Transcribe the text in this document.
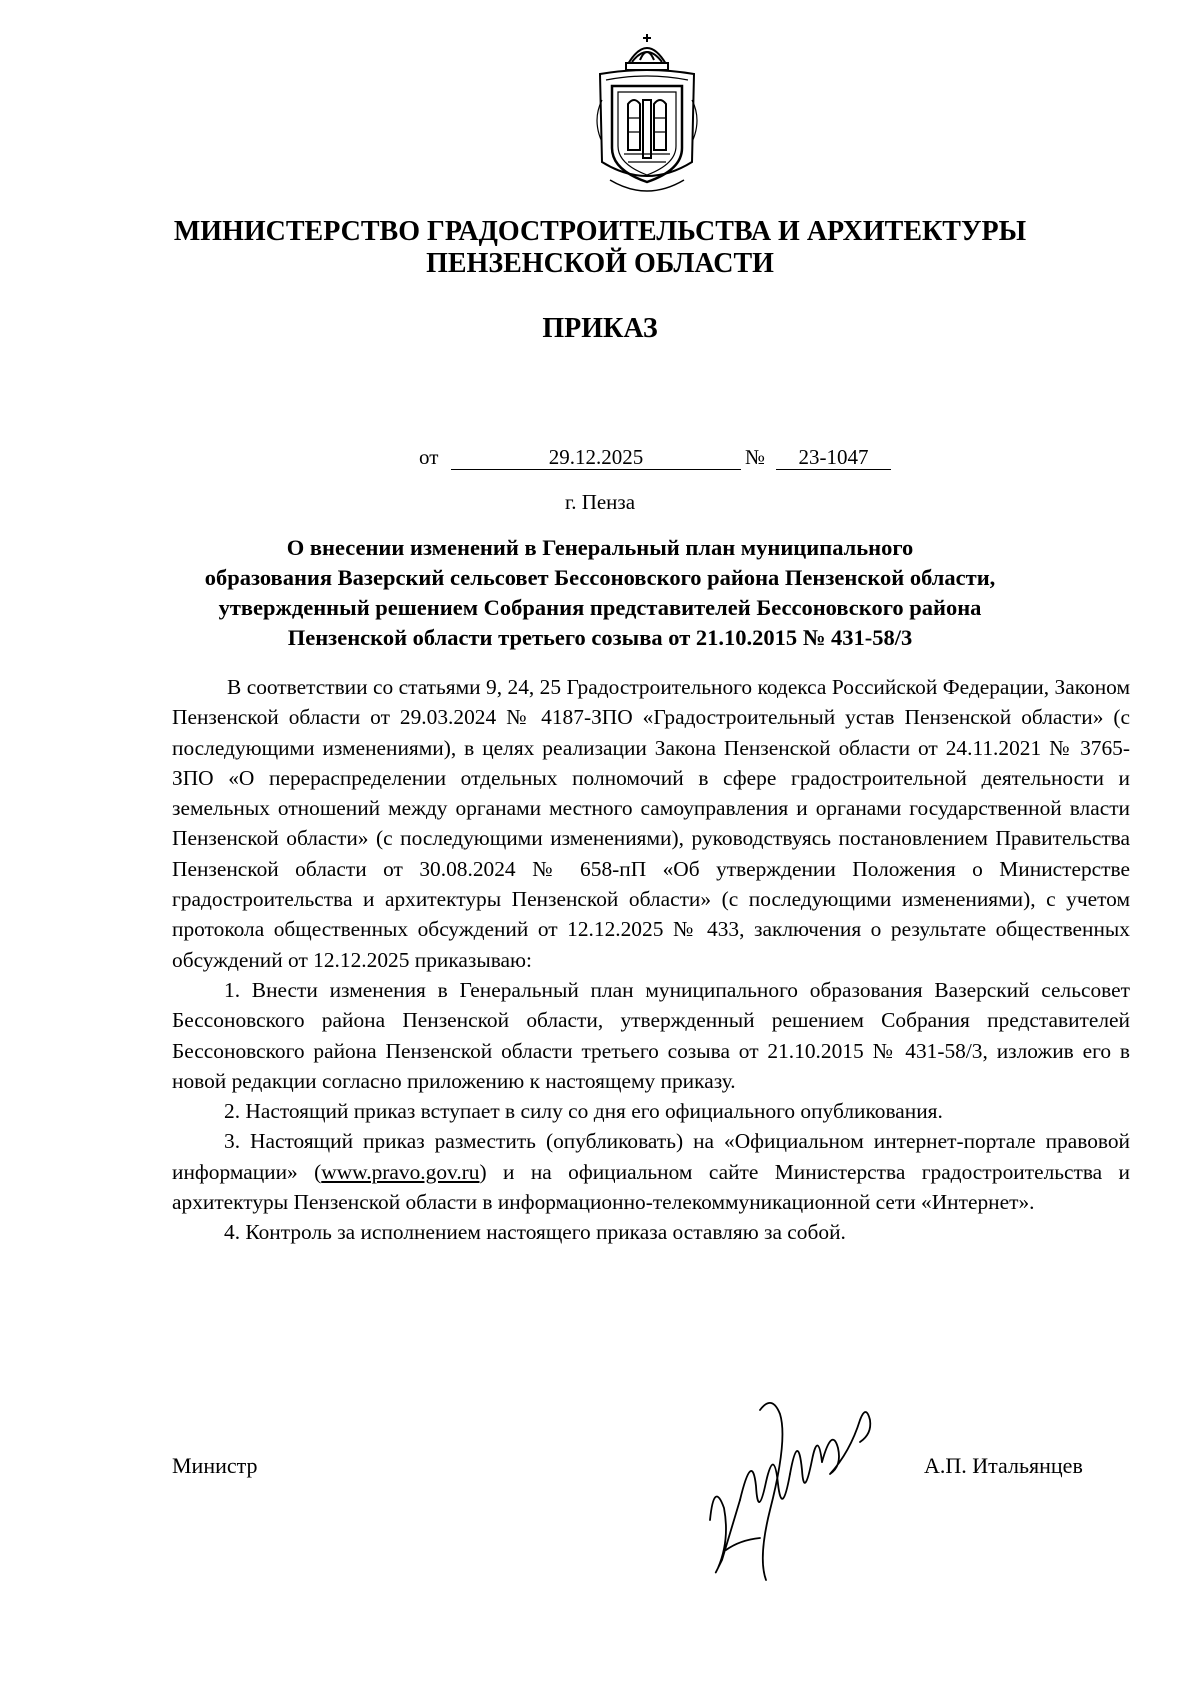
МИНИСТЕРСТВО ГРАДОСТРОИТЕЛЬСТВА И АРХИТЕКТУРЫ
ПЕНЗЕНСКОЙ ОБЛАСТИ
ПРИКАЗ
от	29.12.2025	№	23-1047
г. Пенза
О внесении изменений в Генеральный план муниципального
образования Вазерский сельсовет Бессоновского района Пензенской области,
утвержденный решением Собрания представителей Бессоновского района
Пензенской области третьего созыва от 21.10.2015 № 431-58/3

В соответствии со статьями 9, 24, 25 Градостроительного кодекса Российской Федерации, Законом Пензенской области от 29.03.2024 № 4187-ЗПО «Градостроительный устав Пензенской области» (с последующими изменениями), в целях реализации Закона Пензенской области от 24.11.2021 № 3765-ЗПО «О перераспределении отдельных полномочий в сфере градостроительной деятельности и земельных отношений между органами местного самоуправления и органами государственной власти Пензенской области» (с последующими изменениями), руководствуясь постановлением Правительства Пензенской области от 30.08.2024 № 658-пП «Об утверждении Положения о Министерстве градостроительства и архитектуры Пензенской области» (с последующими изменениями), с учетом протокола общественных обсуждений от 12.12.2025 № 433, заключения о результате общественных обсуждений от 12.12.2025 приказываю:

1. Внести изменения в Генеральный план муниципального образования Вазерский сельсовет Бессоновского района Пензенской области, утвержденный решением Собрания представителей Бессоновского района Пензенской области третьего созыва от 21.10.2015 № 431-58/3, изложив его в новой редакции согласно приложению к настоящему приказу.

2. Настоящий приказ вступает в силу со дня его официального опубликования.

3. Настоящий приказ разместить (опубликовать) на «Официальном интернет-портале правовой информации» (www.pravo.gov.ru) и на официальном сайте Министерства градостроительства и архитектуры Пензенской области в информационно-телекоммуникационной сети «Интернет».

4. Контроль за исполнением настоящего приказа оставляю за собой.

Министр	А.П. Итальянцев
